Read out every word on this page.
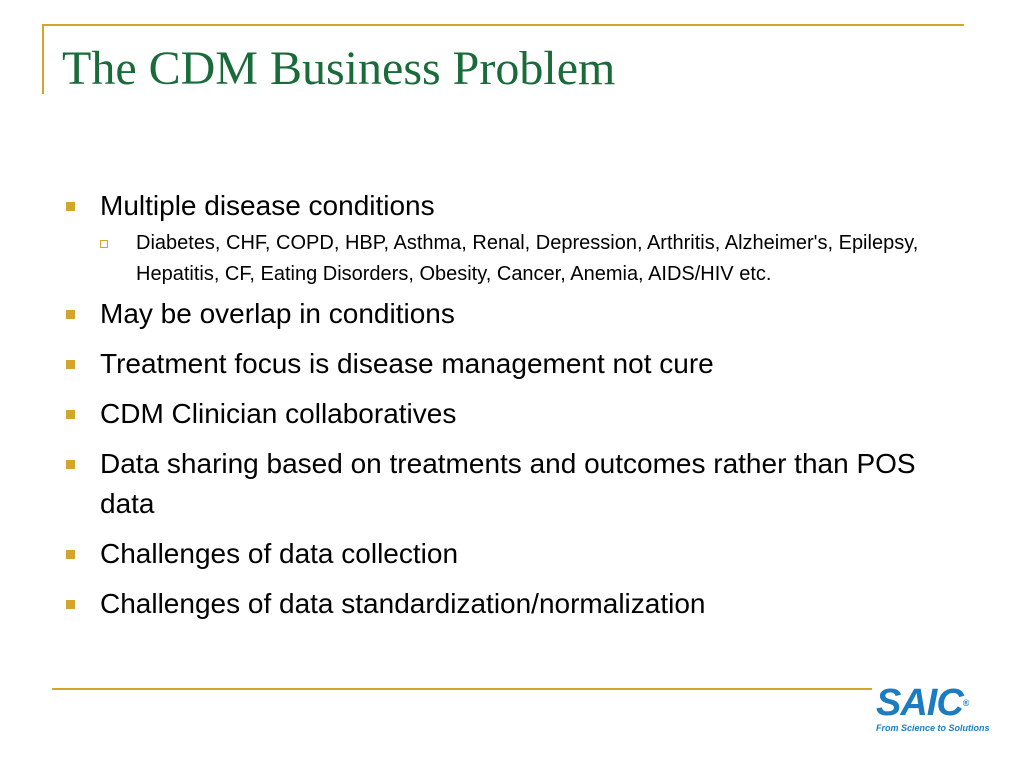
The CDM Business Problem
Multiple disease conditions
Diabetes, CHF, COPD, HBP, Asthma, Renal, Depression, Arthritis, Alzheimer's, Epilepsy, Hepatitis, CF, Eating Disorders, Obesity, Cancer, Anemia, AIDS/HIV etc.
May be overlap in conditions
Treatment focus is disease management not cure
CDM Clinician collaboratives
Data sharing based on treatments and outcomes rather than POS data
Challenges of data collection
Challenges of data standardization/normalization
SAIC®
From Science to Solutions
